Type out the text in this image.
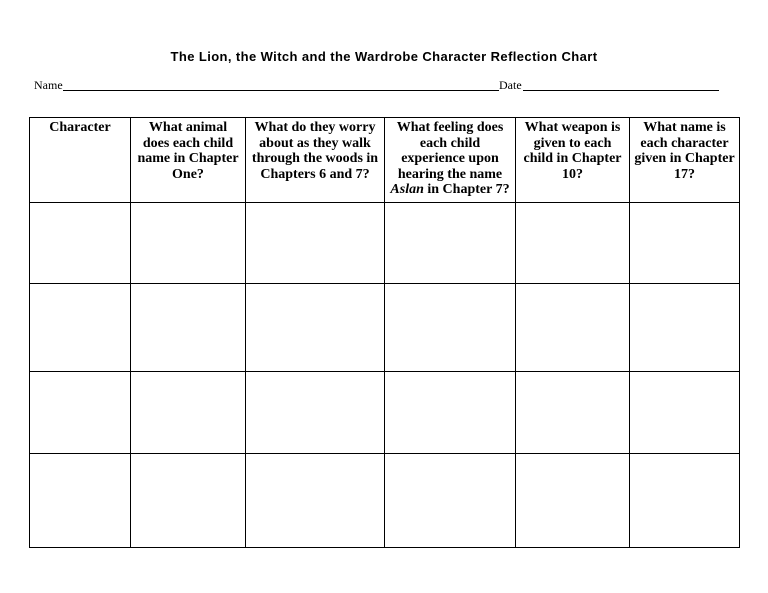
The Lion, the Witch and the Wardrobe Character Reflection Chart
Name	Date
Character	What animal does each child name in Chapter One?	What do they worry about as they walk through the woods in Chapters 6 and 7?	What feeling does each child experience upon hearing the name Aslan in Chapter 7?	What weapon is given to each child in Chapter 10?	What name is each character given in Chapter 17?
